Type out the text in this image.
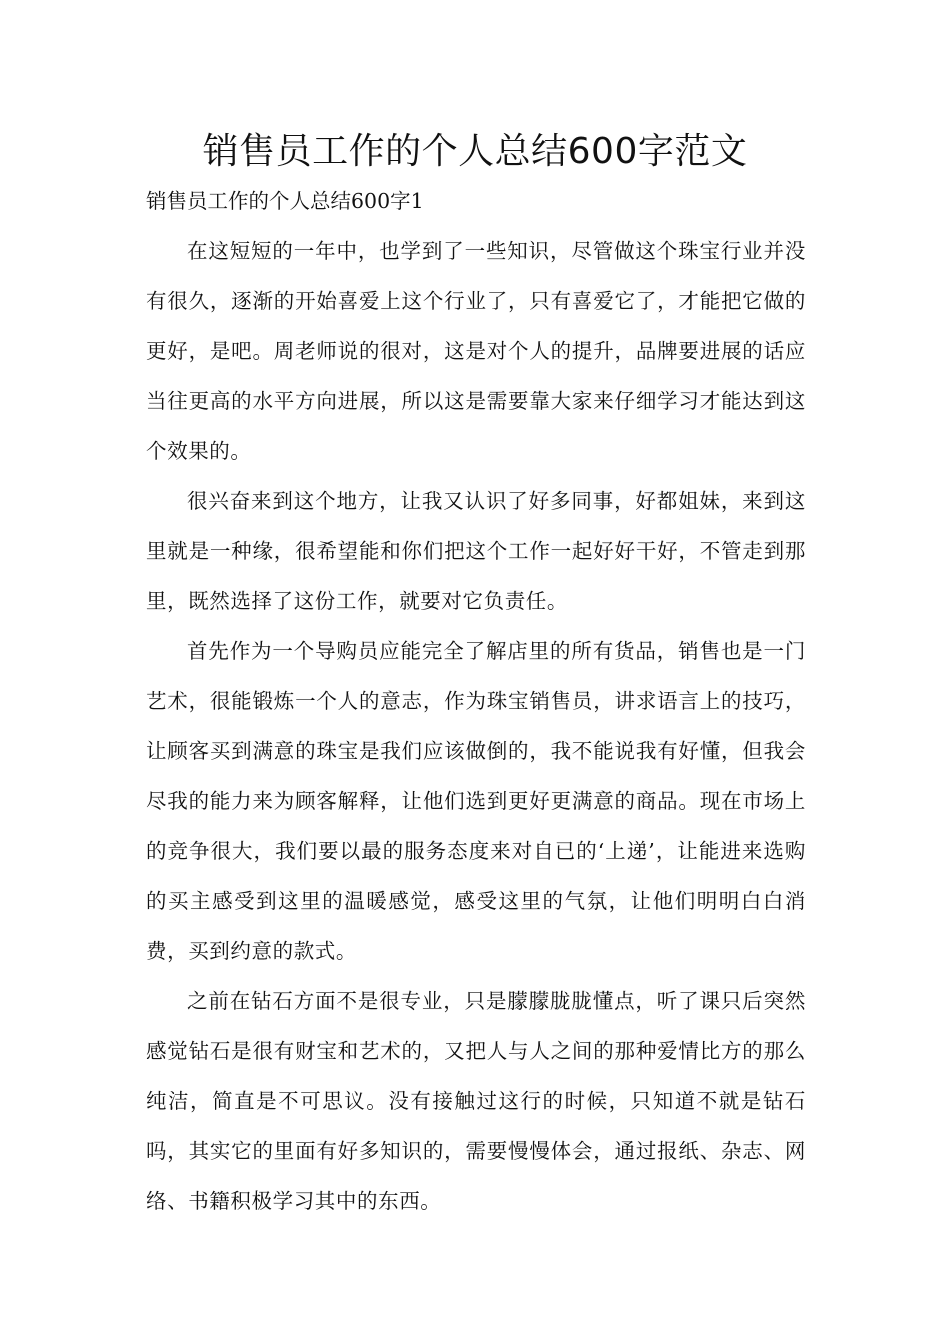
销售员工作的个人总结600字范文

销售员工作的个人总结600字1

在这短短的一年中，也学到了一些知识，尽管做这个珠宝行业并没有很久，逐渐的开始喜爱上这个行业了，只有喜爱它了，才能把它做的更好，是吧。周老师说的很对，这是对个人的提升，品牌要进展的话应当往更高的水平方向进展，所以这是需要靠大家来仔细学习才能达到这个效果的。

很兴奋来到这个地方，让我又认识了好多同事，好都姐妹，来到这里就是一种缘，很希望能和你们把这个工作一起好好干好，不管走到那里，既然选择了这份工作，就要对它负责任。

首先作为一个导购员应能完全了解店里的所有货品，销售也是一门艺术，很能锻炼一个人的意志，作为珠宝销售员，讲求语言上的技巧，让顾客买到满意的珠宝是我们应该做倒的，我不能说我有好懂，但我会尽我的能力来为顾客解释，让他们选到更好更满意的商品。现在市场上的竞争很大，我们要以最的服务态度来对自已的‘上递’，让能进来选购的买主感受到这里的温暖感觉，感受这里的气氛，让他们明明白白消费，买到约意的款式。

之前在钻石方面不是很专业，只是朦朦胧胧懂点，听了课只后突然感觉钻石是很有财宝和艺术的，又把人与人之间的那种爱情比方的那么纯洁，简直是不可思议。没有接触过这行的时候，只知道不就是钻石吗，其实它的里面有好多知识的，需要慢慢体会，通过报纸、杂志、网络、书籍积极学习其中的东西。
